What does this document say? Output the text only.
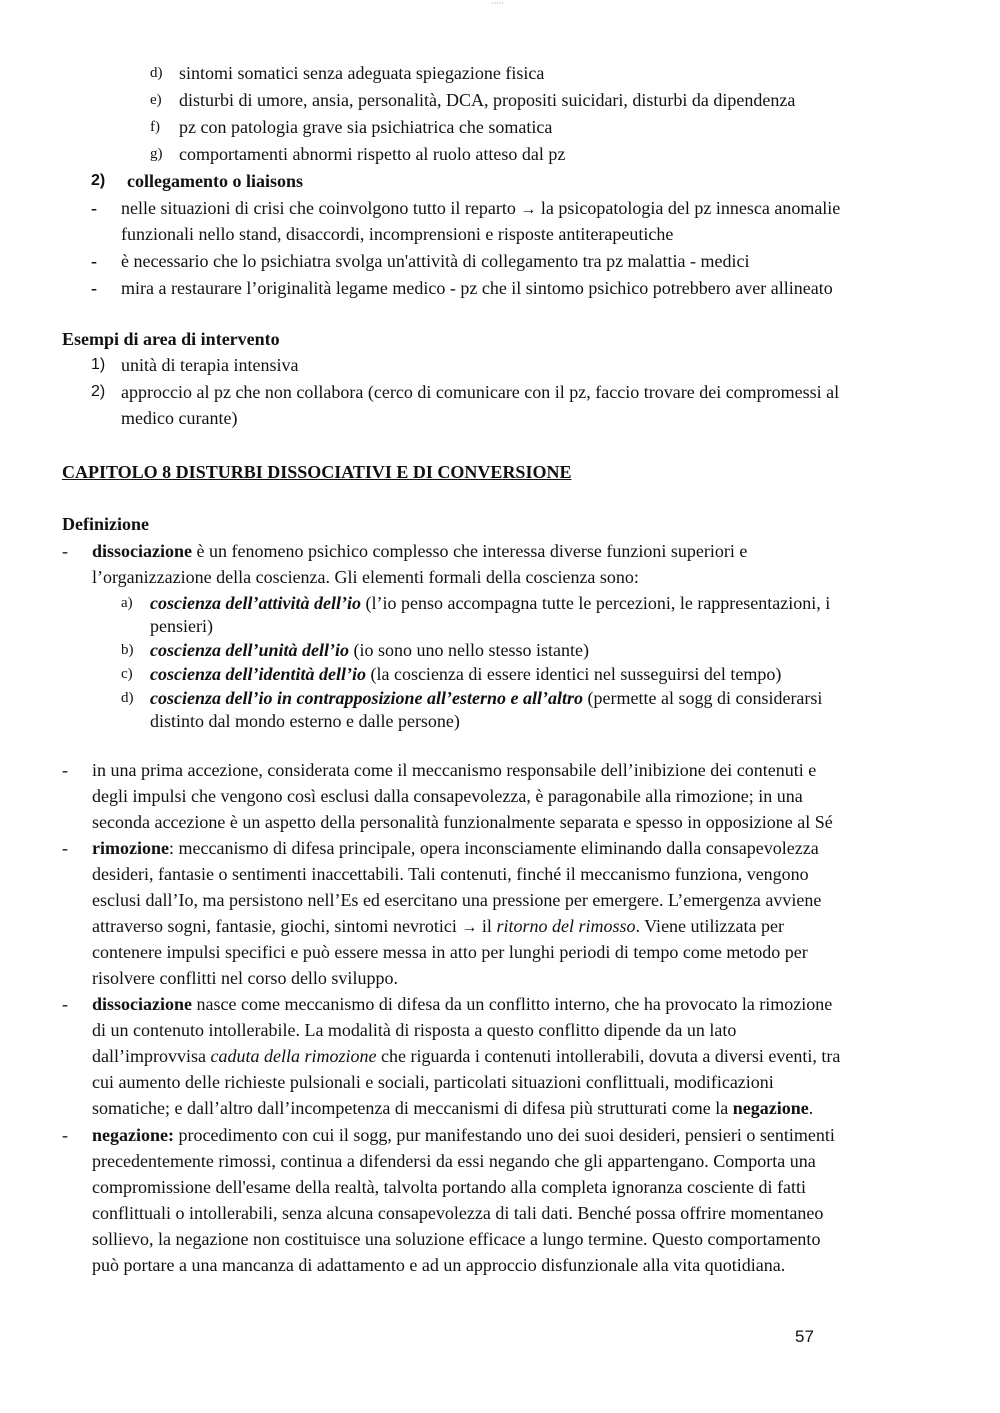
• • • • •
d) sintomi somatici senza adeguata spiegazione fisica
e) disturbi di umore, ansia, personalità, DCA, propositi suicidari, disturbi da dipendenza
f) pz con patologia grave sia psichiatrica che somatica
g) comportamenti abnormi rispetto al ruolo atteso dal pz
2) collegamento o liaisons
- nelle situazioni di crisi che coinvolgono tutto il reparto → la psicopatologia del pz innesca anomalie
funzionali nello stand, disaccordi, incomprensioni e risposte antiterapeutiche
- è necessario che lo psichiatra svolga un'attività di collegamento tra pz malattia - medici
- mira a restaurare l’originalità legame medico - pz che il sintomo psichico potrebbero aver allineato
Esempi di area di intervento
1) unità di terapia intensiva
2) approccio al pz che non collabora (cerco di comunicare con il pz, faccio trovare dei compromessi al
medico curante)
CAPITOLO 8 DISTURBI DISSOCIATIVI E DI CONVERSIONE
Definizione
- dissociazione è un fenomeno psichico complesso che interessa diverse funzioni superiori e
l’organizzazione della coscienza. Gli elementi formali della coscienza sono:
a) coscienza dell’attività dell’io (l’io penso accompagna tutte le percezioni, le rappresentazioni, i
pensieri)
b) coscienza dell’unità dell’io (io sono uno nello stesso istante)
c) coscienza dell’identità dell’io (la coscienza di essere identici nel susseguirsi del tempo)
d) coscienza dell’io in contrapposizione all’esterno e all’altro (permette al sogg di considerarsi
distinto dal mondo esterno e dalle persone)
- in una prima accezione, considerata come il meccanismo responsabile dell’inibizione dei contenuti e
degli impulsi che vengono così esclusi dalla consapevolezza, è paragonabile alla rimozione; in una
seconda accezione è un aspetto della personalità funzionalmente separata e spesso in opposizione al Sé
- rimozione: meccanismo di difesa principale, opera inconsciamente eliminando dalla consapevolezza
desideri, fantasie o sentimenti inaccettabili. Tali contenuti, finché il meccanismo funziona, vengono
esclusi dall’Io, ma persistono nell’Es ed esercitano una pressione per emergere. L’emergenza avviene
attraverso sogni, fantasie, giochi, sintomi nevrotici → il ritorno del rimosso. Viene utilizzata per
contenere impulsi specifici e può essere messa in atto per lunghi periodi di tempo come metodo per
risolvere conflitti nel corso dello sviluppo.
- dissociazione nasce come meccanismo di difesa da un conflitto interno, che ha provocato la rimozione
di un contenuto intollerabile. La modalità di risposta a questo conflitto dipende da un lato
dall’improvvisa caduta della rimozione che riguarda i contenuti intollerabili, dovuta a diversi eventi, tra
cui aumento delle richieste pulsionali e sociali, particolati situazioni conflittuali, modificazioni
somatiche; e dall’altro dall’incompetenza di meccanismi di difesa più strutturati come la negazione.
- negazione: procedimento con cui il sogg, pur manifestando uno dei suoi desideri, pensieri o sentimenti
precedentemente rimossi, continua a difendersi da essi negando che gli appartengano. Comporta una
compromissione dell'esame della realtà, talvolta portando alla completa ignoranza cosciente di fatti
conflittuali o intollerabili, senza alcuna consapevolezza di tali dati. Benché possa offrire momentaneo
sollievo, la negazione non costituisce una soluzione efficace a lungo termine. Questo comportamento
può portare a una mancanza di adattamento e ad un approccio disfunzionale alla vita quotidiana.
57
